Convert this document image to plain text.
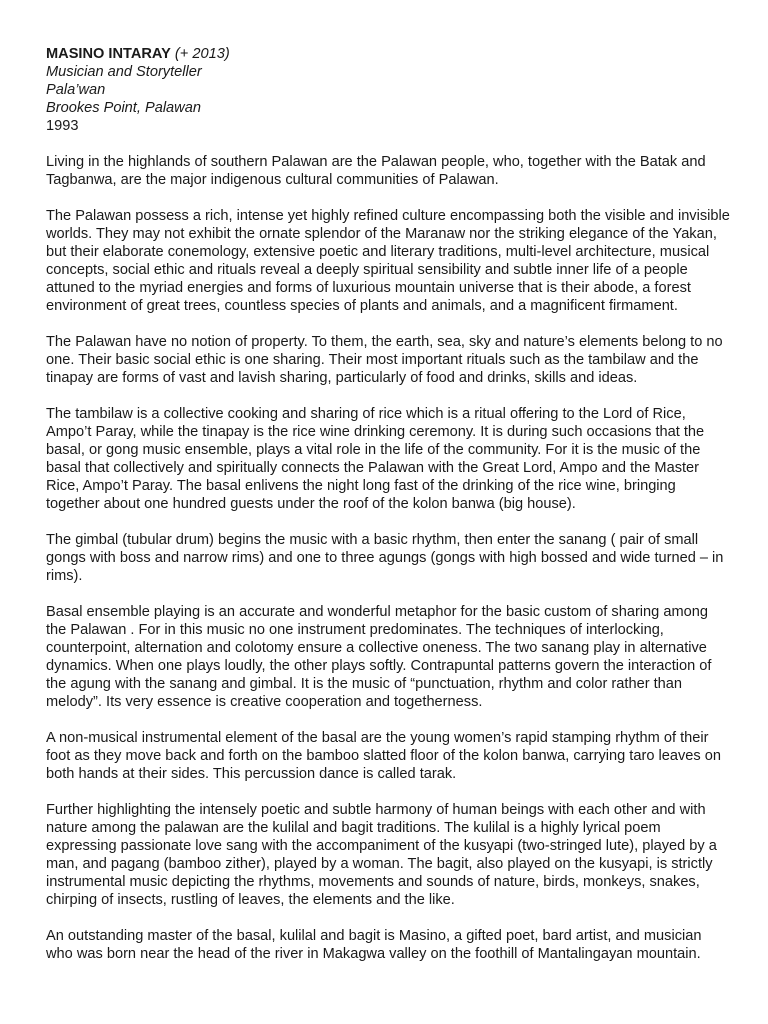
MASINO INTARAY (+ 2013)

Musician and Storyteller

Pala’wan

Brookes Point, Palawan

1993

Living in the highlands of southern Palawan are the Palawan people, who, together with the Batak and Tagbanwa, are the major indigenous cultural communities of Palawan.

The Palawan possess a rich, intense yet highly refined culture encompassing both the visible and invisible worlds. They may not exhibit the ornate splendor of the Maranaw nor the striking elegance of the Yakan, but their elaborate conemology, extensive poetic and literary traditions, multi-level architecture, musical concepts, social ethic and rituals reveal a deeply spiritual sensibility and subtle inner life of a people attuned to the myriad energies and forms of luxurious mountain universe that is their abode, a forest environment of great trees, countless species of plants and animals, and a magnificent firmament.

The Palawan have no notion of property. To them, the earth, sea, sky and nature’s elements belong to no one. Their basic social ethic is one sharing. Their most important rituals such as the tambilaw and the tinapay are forms of vast and lavish sharing, particularly of food and drinks, skills and ideas.

The tambilaw is a collective cooking and sharing of rice which is a ritual offering to the Lord of Rice, Ampo’t Paray, while the tinapay is the rice wine drinking ceremony. It is during such occasions that the basal, or gong music ensemble, plays a vital role in the life of the community. For it is the music of the basal that collectively and spiritually connects the Palawan with the Great Lord, Ampo and the Master Rice, Ampo’t Paray. The basal enlivens the night long fast of the drinking of the rice wine, bringing together about one hundred guests under the roof of the kolon banwa (big house).

The gimbal (tubular drum) begins the music with a basic rhythm, then enter the sanang ( pair of small gongs with boss and narrow rims) and one to three agungs (gongs with high bossed and wide turned – in rims).

Basal ensemble playing is an accurate and wonderful metaphor for the basic custom of sharing among the Palawan . For in this music no one instrument predominates. The techniques of interlocking, counterpoint, alternation and colotomy ensure a collective oneness. The two sanang play in alternative dynamics. When one plays loudly, the other plays softly. Contrapuntal patterns govern the interaction of the agung with the sanang and gimbal. It is the music of “punctuation, rhythm and color rather than melody”. Its very essence is creative cooperation and togetherness.

A non-musical instrumental element of the basal are the young women’s rapid stamping rhythm of their foot as they move back and forth on the bamboo slatted floor of the kolon banwa, carrying taro leaves on both hands at their sides. This percussion dance is called tarak.

Further highlighting the intensely poetic and subtle harmony of human beings with each other and with nature among the palawan are the kulilal and bagit traditions. The kulilal is a highly lyrical poem expressing passionate love sang with the accompaniment of the kusyapi (two-stringed lute), played by a man, and pagang (bamboo zither), played by a woman. The bagit, also played on the kusyapi, is strictly instrumental music depicting the rhythms, movements and sounds of nature, birds, monkeys, snakes, chirping of insects, rustling of leaves, the elements and the like.

An outstanding master of the basal, kulilal and bagit is Masino, a gifted poet, bard artist, and musician who was born near the head of the river in Makagwa valley on the foothill of Mantalingayan mountain.
